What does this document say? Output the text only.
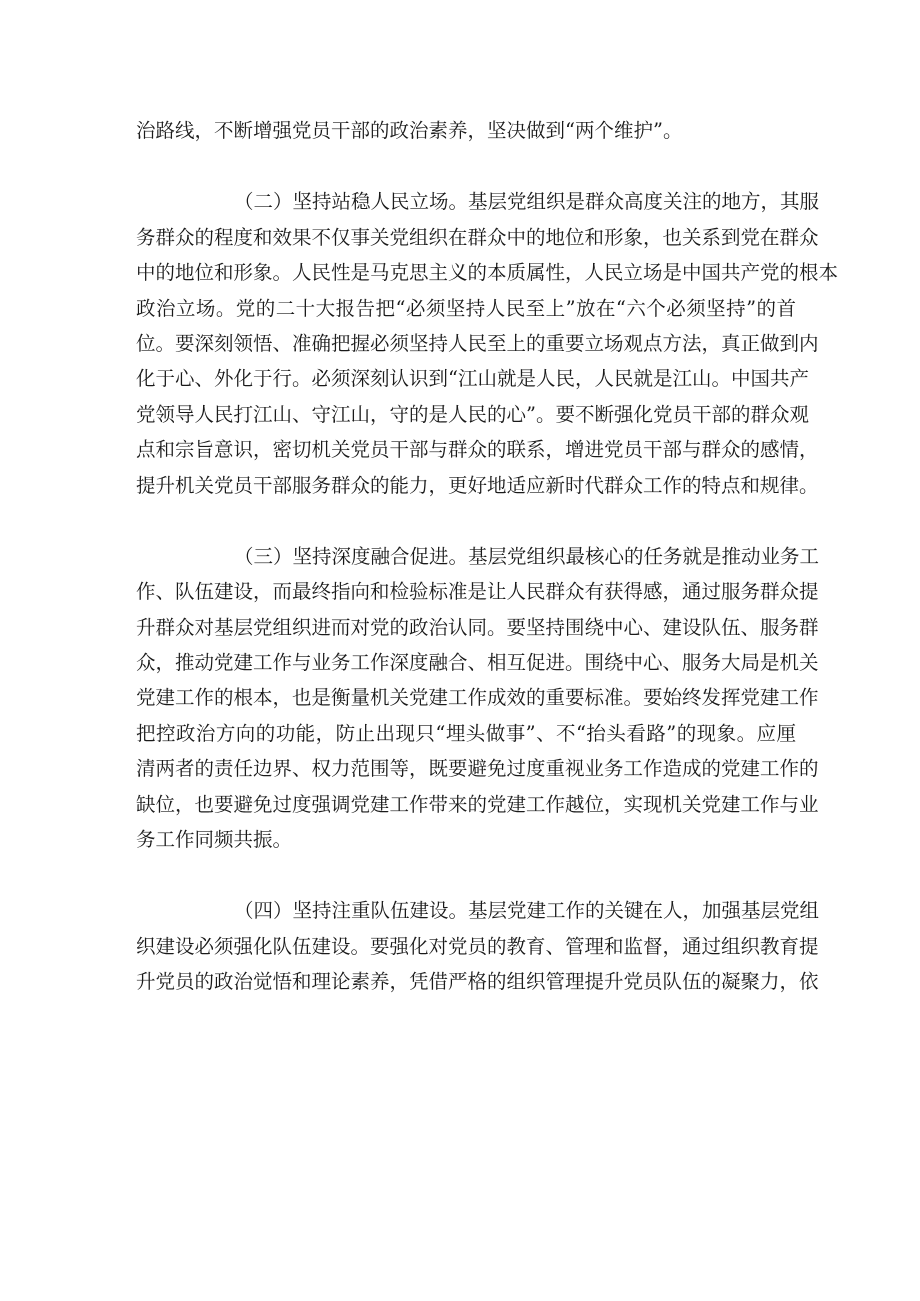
治路线，不断增强党员干部的政治素养，坚决做到“两个维护”。
（二）坚持站稳人民立场。基层党组织是群众高度关注的地方，其服
务群众的程度和效果不仅事关党组织在群众中的地位和形象，也关系到党在群众
中的地位和形象。人民性是马克思主义的本质属性，人民立场是中国共产党的根本
政治立场。党的二十大报告把“必须坚持人民至上”放在“六个必须坚持”的首
位。要深刻领悟、准确把握必须坚持人民至上的重要立场观点方法，真正做到内
化于心、外化于行。必须深刻认识到“江山就是人民，人民就是江山。中国共产
党领导人民打江山、守江山，守的是人民的心”。要不断强化党员干部的群众观
点和宗旨意识，密切机关党员干部与群众的联系，增进党员干部与群众的感情，
提升机关党员干部服务群众的能力，更好地适应新时代群众工作的特点和规律。
（三）坚持深度融合促进。基层党组织最核心的任务就是推动业务工
作、队伍建设，而最终指向和检验标准是让人民群众有获得感，通过服务群众提
升群众对基层党组织进而对党的政治认同。要坚持围绕中心、建设队伍、服务群
众，推动党建工作与业务工作深度融合、相互促进。围绕中心、服务大局是机关
党建工作的根本，也是衡量机关党建工作成效的重要标准。要始终发挥党建工作
把控政治方向的功能，防止出现只“埋头做事”、不“抬头看路”的现象。应厘
清两者的责任边界、权力范围等，既要避免过度重视业务工作造成的党建工作的
缺位，也要避免过度强调党建工作带来的党建工作越位，实现机关党建工作与业
务工作同频共振。
（四）坚持注重队伍建设。基层党建工作的关键在人，加强基层党组
织建设必须强化队伍建设。要强化对党员的教育、管理和监督，通过组织教育提
升党员的政治觉悟和理论素养，凭借严格的组织管理提升党员队伍的凝聚力，依
